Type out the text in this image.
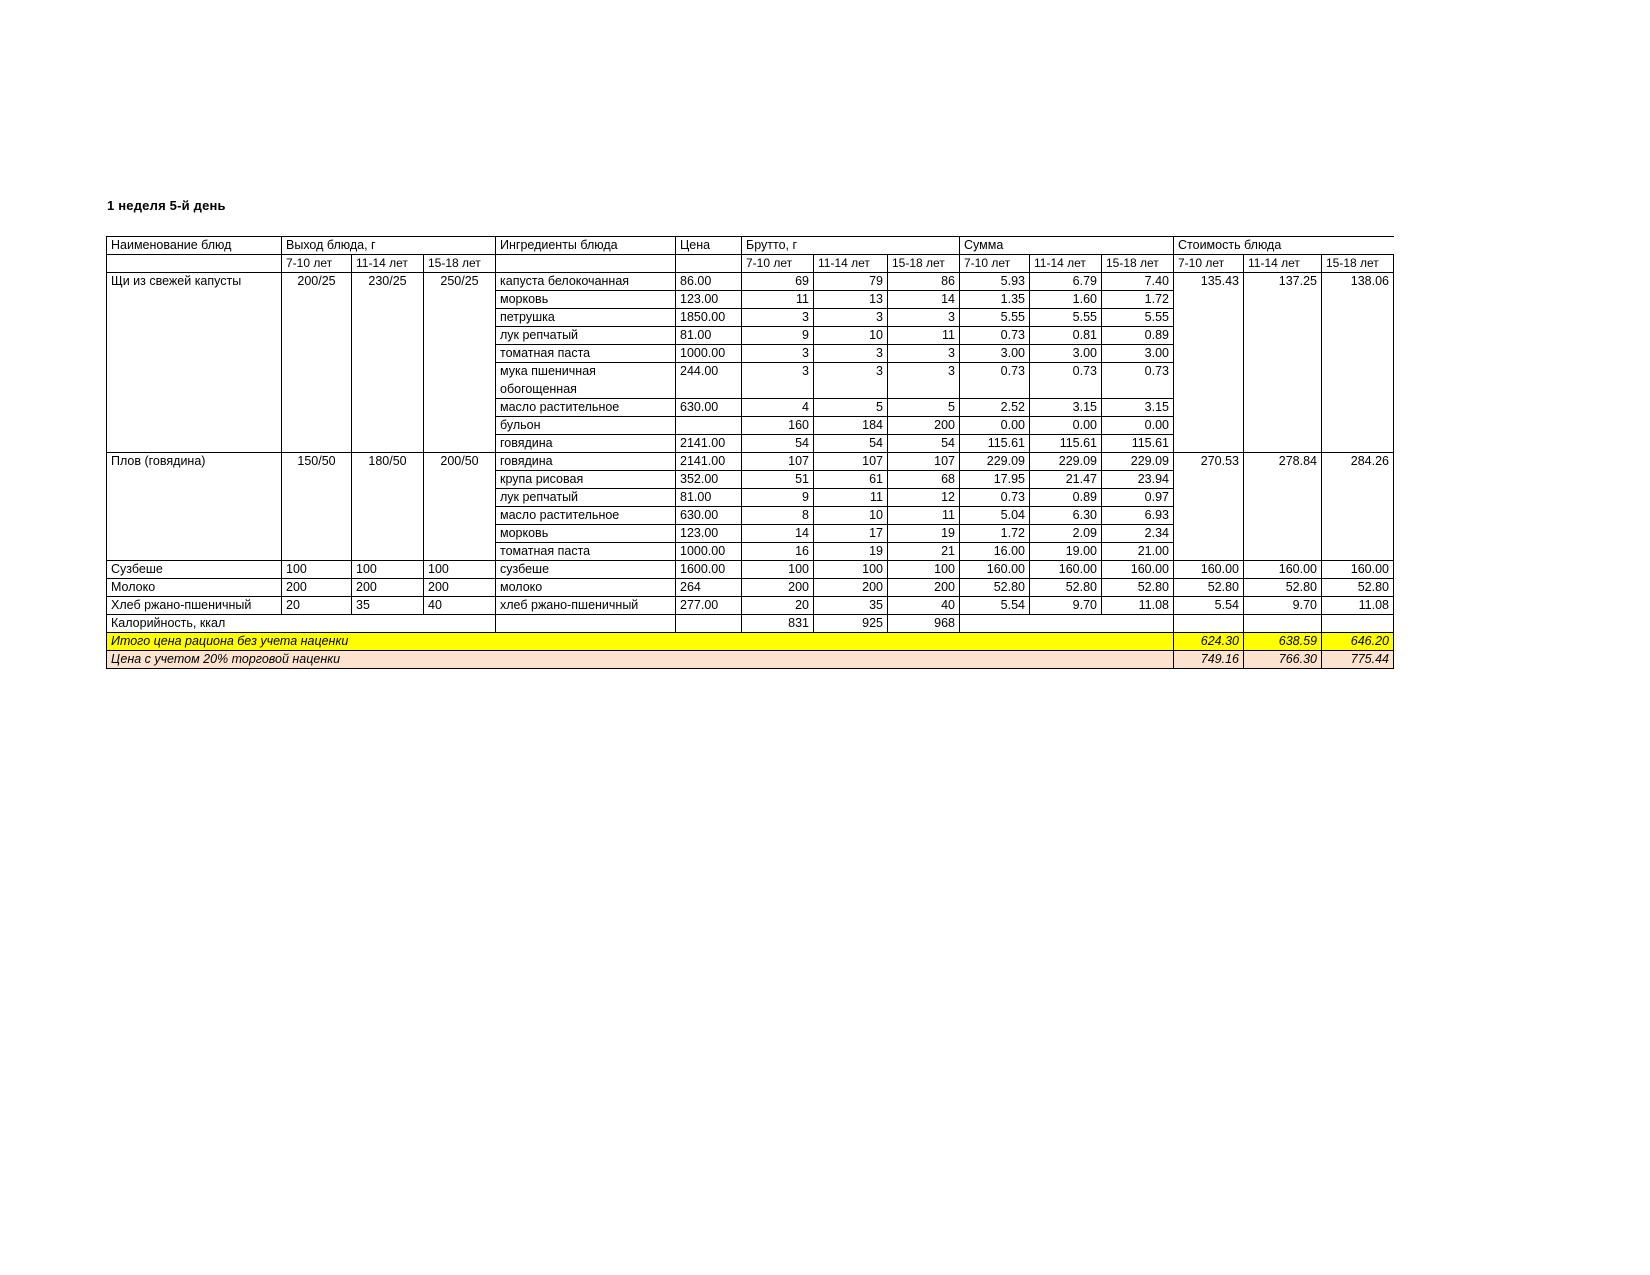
1 неделя 5-й день
Наименование блюд	Выход блюда, г			Ингредиенты блюда	Цена	Брутто, г			Сумма			Стоимость блюда		
	7-10 лет	11-14 лет	15-18 лет			7-10 лет	11-14 лет	15-18 лет	7-10 лет	11-14 лет	15-18 лет	7-10 лет	11-14 лет	15-18 лет
Щи из свежей капусты	200/25	230/25	250/25	капуста белокочанная	86.00	69	79	86	5.93	6.79	7.40	135.43	137.25	138.06
				морковь	123.00	11	13	14	1.35	1.60	1.72			
				петрушка	1850.00	3	3	3	5.55	5.55	5.55			
				лук репчатый	81.00	9	10	11	0.73	0.81	0.89			
				томатная паста	1000.00	3	3	3	3.00	3.00	3.00			
				мука пшеничная	244.00	3	3	3	0.73	0.73	0.73			
				обогощенная										
				масло растительное	630.00	4	5	5	2.52	3.15	3.15			
				бульон		160	184	200	0.00	0.00	0.00			
				говядина	2141.00	54	54	54	115.61	115.61	115.61			
Плов (говядина)	150/50	180/50	200/50	говядина	2141.00	107	107	107	229.09	229.09	229.09	270.53	278.84	284.26
				крупа рисовая	352.00	51	61	68	17.95	21.47	23.94			
				лук репчатый	81.00	9	11	12	0.73	0.89	0.97			
				масло растительное	630.00	8	10	11	5.04	6.30	6.93			
				морковь	123.00	14	17	19	1.72	2.09	2.34			
				томатная паста	1000.00	16	19	21	16.00	19.00	21.00			
Сузбеше	100	100	100	сузбеше	1600.00	100	100	100	160.00	160.00	160.00	160.00	160.00	160.00
Молоко	200	200	200	молоко	264	200	200	200	52.80	52.80	52.80	52.80	52.80	52.80
Хлеб ржано-пшеничный	20	35	40	хлеб ржано-пшеничный	277.00	20	35	40	5.54	9.70	11.08	5.54	9.70	11.08
Калорийность, ккал						831	925	968						
Итого цена рациона без учета наценки												624.30	638.59	646.20
Цена с учетом 20% торговой наценки												749.16	766.30	775.44
